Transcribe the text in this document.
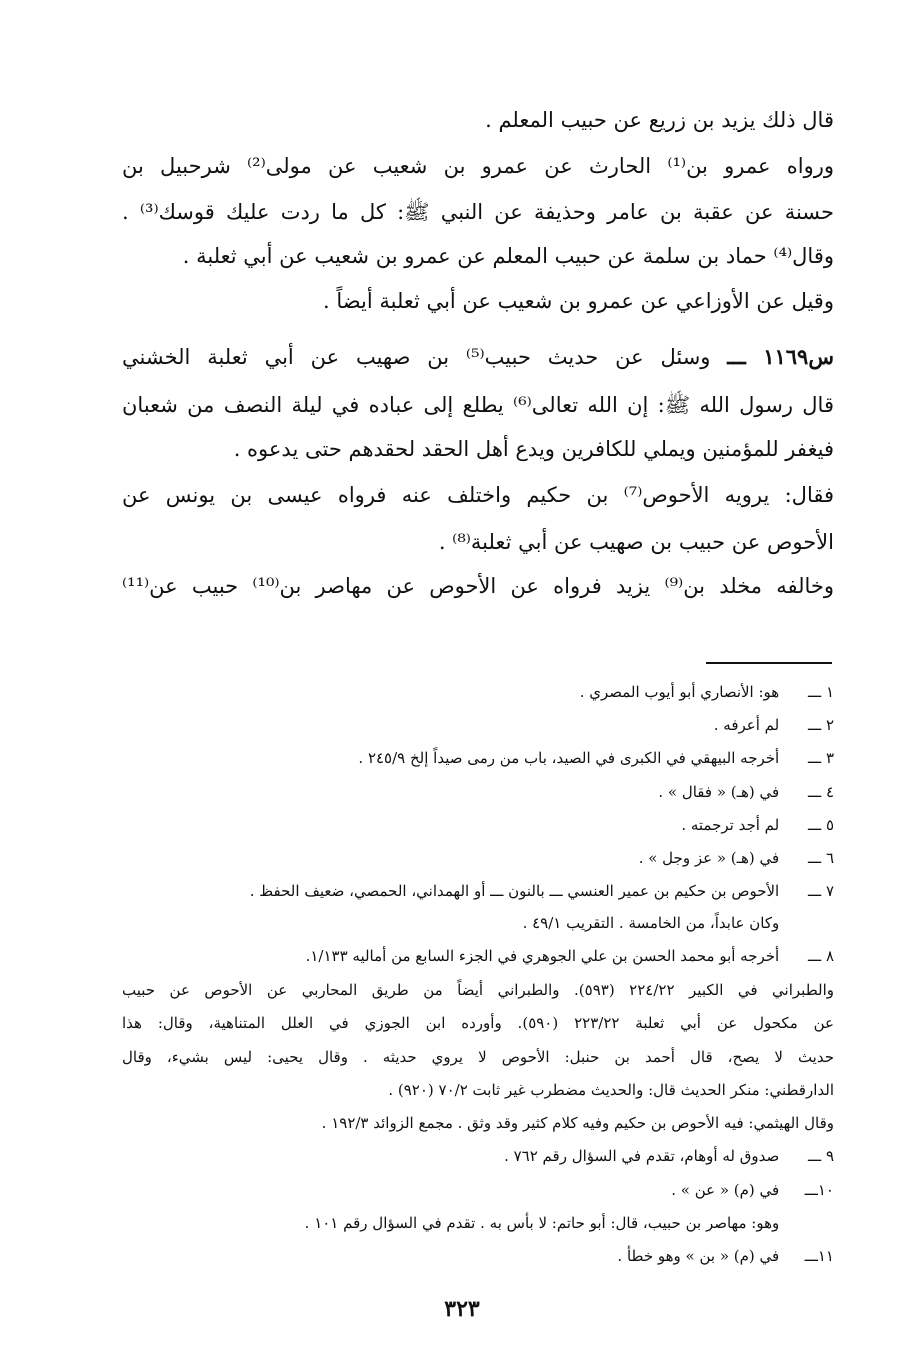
قال ذلك يزيد بن زريع عن حبيب المعلم .
ورواه عمرو بن⁽¹⁾ الحارث عن عمرو بن شعيب عن مولى⁽²⁾ شرحبيل بن
حسنة عن عقبة بن عامر وحذيفة عن النبي ﷺ: كل ما ردت عليك قوسك⁽³⁾ .
وقال⁽⁴⁾ حماد بن سلمة عن حبيب المعلم عن عمرو بن شعيب عن أبي ثعلبة .
وقيل عن الأوزاعي عن عمرو بن شعيب عن أبي ثعلبة أيضاً .
س١١٦٩ ـــ وسئل عن حديث حبيب⁽⁵⁾ بن صهيب عن أبي ثعلبة الخشني
قال رسول الله ﷺ: إن الله تعالى⁽⁶⁾ يطلع إلى عباده في ليلة النصف من شعبان
فيغفر للمؤمنين ويملي للكافرين ويدع أهل الحقد لحقدهم حتى يدعوه .
فقال: يرويه الأحوص⁽⁷⁾ بن حكيم واختلف عنه فرواه عيسى بن يونس عن
الأحوص عن حبيب بن صهيب عن أبي ثعلبة⁽⁸⁾ .
وخالفه مخلد بن⁽⁹⁾ يزيد فرواه عن الأحوص عن مهاصر بن⁽¹⁰⁾ حبيب عن⁽¹¹⁾
١ ـــ هو: الأنصاري أبو أيوب المصري .
٢ ـــ لم أعرفه .
٣ ـــ أخرجه البيهقي في الكبرى في الصيد، باب من رمى صيداً إلخ ٢٤٥/٩ .
٤ ـــ في (هـ) « فقال » .
٥ ـــ لم أجد ترجمته .
٦ ـــ في (هـ) « عز وجل » .
٧ ـــ الأحوص بن حكيم بن عمير العنسي ـــ بالنون ـــ أو الهمداني، الحمصي، ضعيف الحفظ .
وكان عابداً، من الخامسة . التقريب ٤٩/١ .
٨ ـــ أخرجه أبو محمد الحسن بن علي الجوهري في الجزء السابع من أماليه ١/١٣٣.
والطبراني في الكبير ٢٢٤/٢٢ (٥٩٣). والطبراني أيضاً من طريق المحاربي عن الأحوص عن حبيب
عن مكحول عن أبي ثعلبة ٢٢٣/٢٢ (٥٩٠). وأورده ابن الجوزي في العلل المتناهية، وقال: هذا
حديث لا يصح، قال أحمد بن حنبل: الأحوص لا يروي حديثه . وقال يحيى: ليس بشيء، وقال
الدارقطني: منكر الحديث قال: والحديث مضطرب غير ثابت ٧٠/٢ (٩٢٠) .
وقال الهيثمي: فيه الأحوص بن حكيم وفيه كلام كثير وقد وثق . مجمع الزوائد ١٩٢/٣ .
٩ ـــ صدوق له أوهام، تقدم في السؤال رقم ٧٦٢ .
١٠ـــ في (م) « عن » .
وهو: مهاصر بن حبيب، قال: أبو حاتم: لا بأس به . تقدم في السؤال رقم ١٠١ .
١١ـــ في (م) « بن » وهو خطأ .
٣٢٣
